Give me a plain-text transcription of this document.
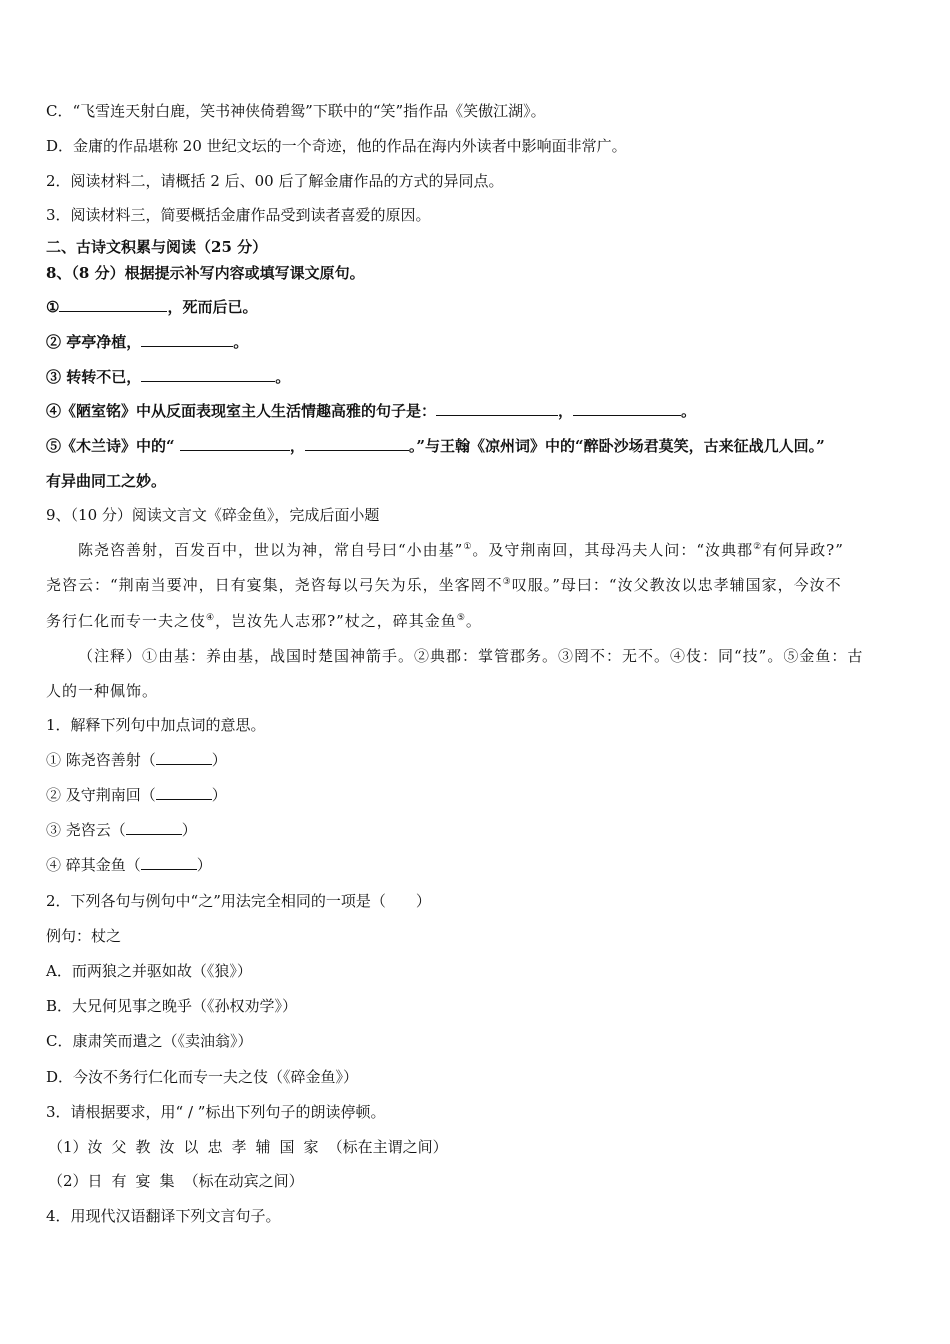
C．“飞雪连天射白鹿，笑书神侠倚碧鸳”下联中的“笑”指作品《笑傲江湖》。
D．金庸的作品堪称 20 世纪文坛的一个奇迹，他的作品在海内外读者中影响面非常广。
2．阅读材料二，请概括 2 后、00 后了解金庸作品的方式的异同点。
3．阅读材料三，简要概括金庸作品受到读者喜爱的原因。
二、古诗文积累与阅读（25 分）
8、（8 分）根据提示补写内容或填写课文原句。
①	，死而后已。
② 亭亭净植，	。
③ 转转不已，	。
④《陋室铭》中从反面表现室主人生活情趣高雅的句子是：	，	。
⑤《木兰诗》中的“	，	。”与王翰《凉州词》中的“醉卧沙场君莫笑，古来征战几人回。”
有异曲同工之妙。
9、（10 分）阅读文言文《碎金鱼》，完成后面小题
陈尧咨善射，百发百中，世以为神，常自号曰“小由基”①。及守荆南回，其母冯夫人问：“汝典郡②有何异政?”
尧咨云：“荆南当要冲，日有宴集，尧咨每以弓矢为乐，坐客罔不③叹服。”母曰：“汝父教汝以忠孝辅国家，今汝不
务行仁化而专一夫之伎④，岂汝先人志邪?”杖之，碎其金鱼⑤。
（注释）①由基：养由基，战国时楚国神箭手。②典郡：掌管郡务。③罔不：无不。④伎：同“技”。⑤金鱼：古
人的一种佩饰。
1．解释下列句中加点词的意思。
① 陈尧咨善射（	）
② 及守荆南回（	）
③ 尧咨云（	）
④ 碎其金鱼（	）
2．下列各句与例句中“之”用法完全相同的一项是（　　）
例句：杖之
A．而两狼之并驱如故（《狼》）
B．大兄何见事之晚乎（《孙权劝学》）
C．康肃笑而遣之（《卖油翁》）
D．今汝不务行仁化而专一夫之伎（《碎金鱼》）
3．请根据要求，用“ / ”标出下列句子的朗读停顿。
（1）汝父教汝以忠孝辅国家（标在主谓之间）
（2）日有宴集（标在动宾之间）
4．用现代汉语翻译下列文言句子。
